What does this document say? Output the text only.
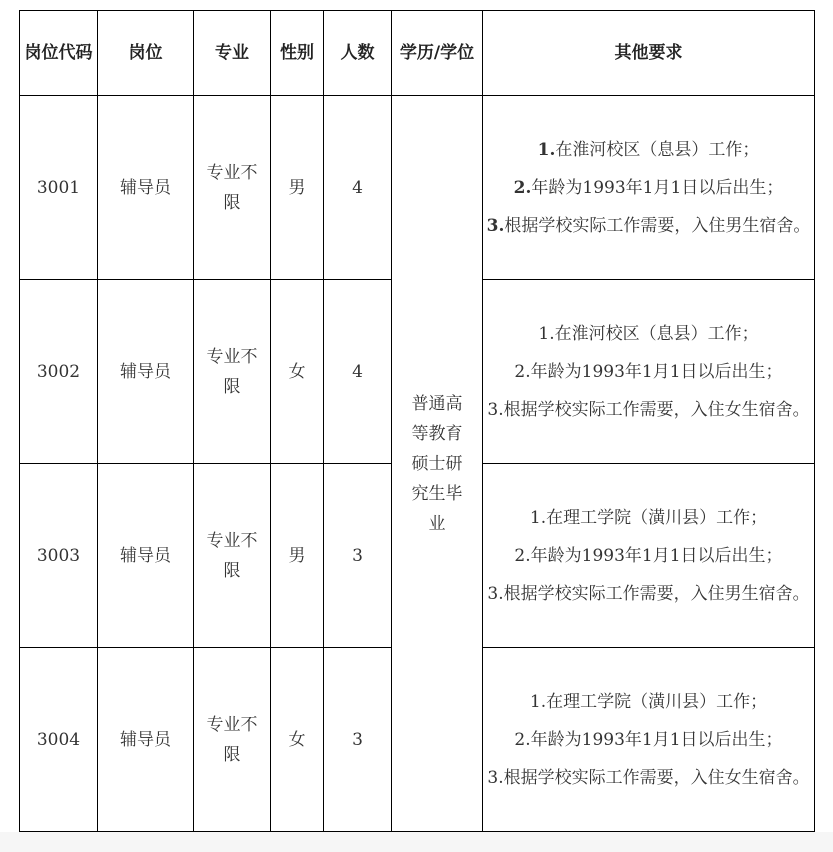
岗位代码	岗位	专业	性别	人数	学历/学位	其他要求
3001	辅导员	专业不限	男	4	普通高等教育硕士研究生毕业	1.在淮河校区（息县）工作；
2.年龄为1993年1月1日以后出生；
3.根据学校实际工作需要，入住男生宿舍。

3002	辅导员	专业不限	女	4		1.在淮河校区（息县）工作；
2.年龄为1993年1月1日以后出生；
3.根据学校实际工作需要，入住女生宿舍。

3003	辅导员	专业不限	男	3		1.在理工学院（潢川县）工作；
2.年龄为1993年1月1日以后出生；
3.根据学校实际工作需要，入住男生宿舍。

3004	辅导员	专业不限	女	3		1.在理工学院（潢川县）工作；
2.年龄为1993年1月1日以后出生；
3.根据学校实际工作需要，入住女生宿舍。
